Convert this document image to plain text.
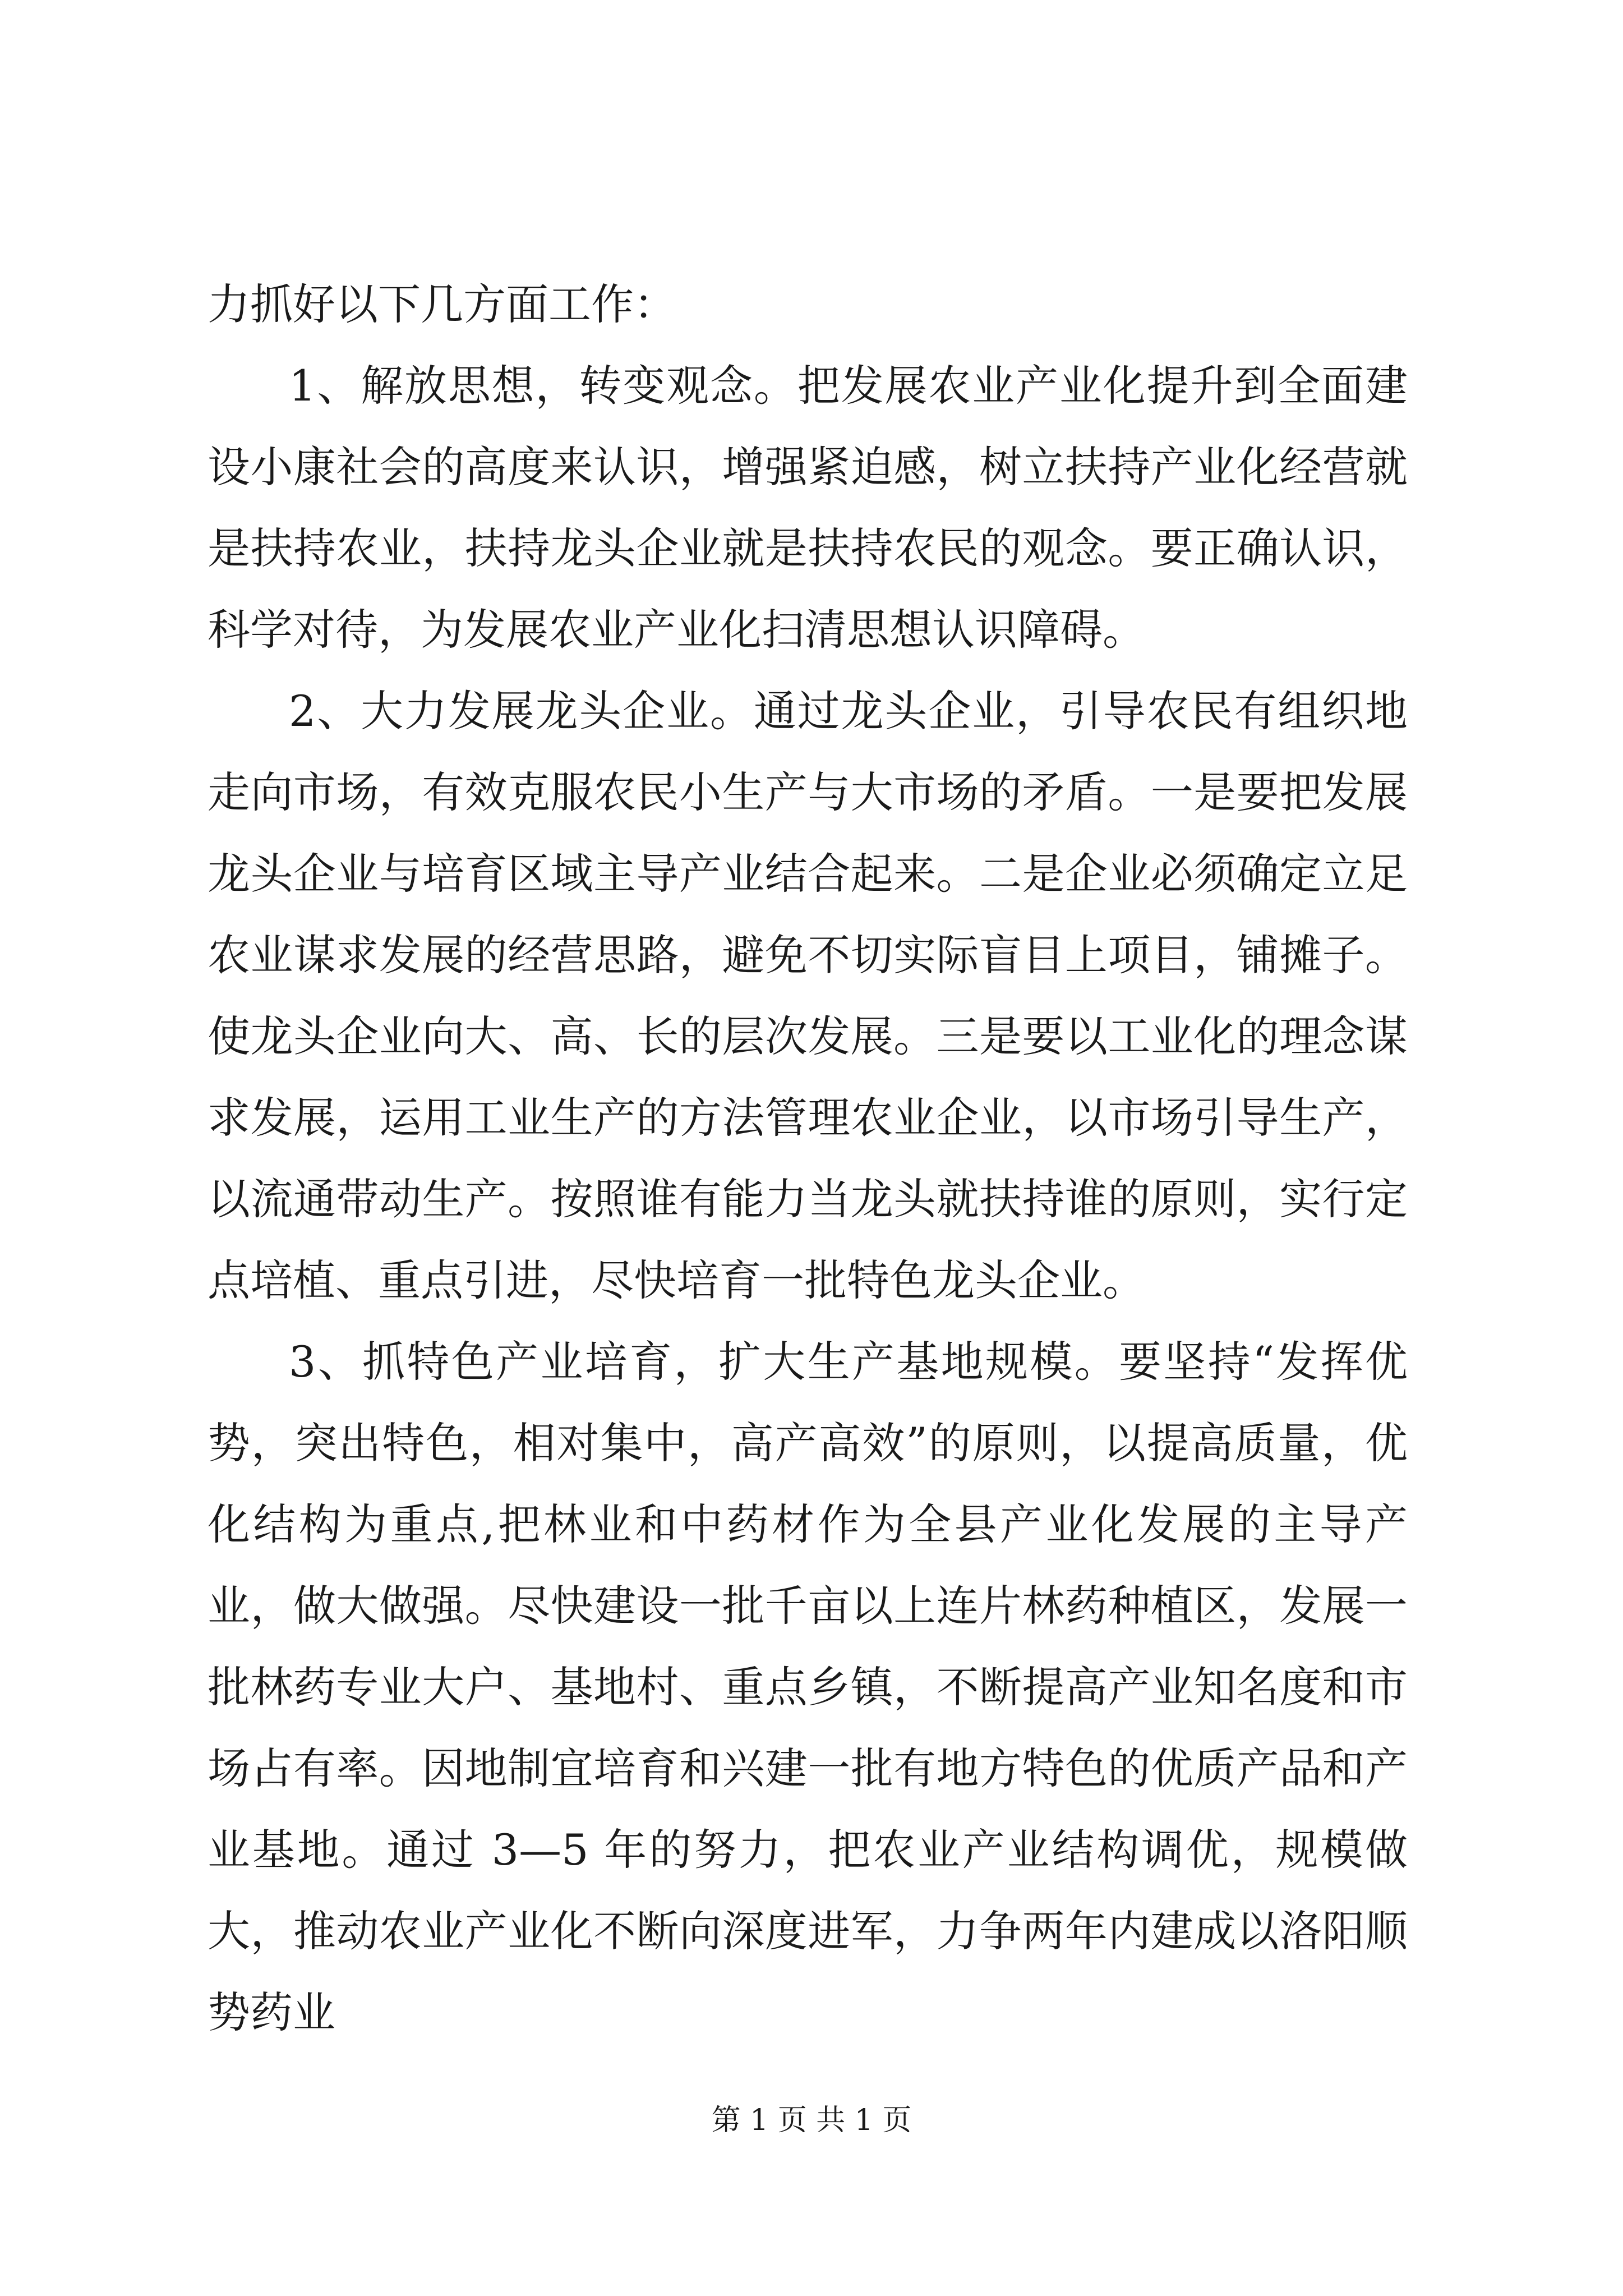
力抓好以下几方面工作：

1、解放思想，转变观念。把发展农业产业化提升到全面建设小康社会的高度来认识，增强紧迫感，树立扶持产业化经营就是扶持农业，扶持龙头企业就是扶持农民的观念。要正确认识，科学对待，为发展农业产业化扫清思想认识障碍。

2、大力发展龙头企业。通过龙头企业，引导农民有组织地走向市场，有效克服农民小生产与大市场的矛盾。一是要把发展龙头企业与培育区域主导产业结合起来。二是企业必须确定立足农业谋求发展的经营思路，避免不切实际盲目上项目，铺摊子。使龙头企业向大、高、长的层次发展。三是要以工业化的理念谋求发展，运用工业生产的方法管理农业企业，以市场引导生产，以流通带动生产。按照谁有能力当龙头就扶持谁的原则，实行定点培植、重点引进，尽快培育一批特色龙头企业。

3、抓特色产业培育，扩大生产基地规模。要坚持“发挥优势，突出特色，相对集中，高产高效”的原则，以提高质量，优化结构为重点,把林业和中药材作为全县产业化发展的主导产业，做大做强。尽快建设一批千亩以上连片林药种植区，发展一批林药专业大户、基地村、重点乡镇，不断提高产业知名度和市场占有率。因地制宜培育和兴建一批有地方特色的优质产品和产业基地。通过 3—5 年的努力，把农业产业结构调优，规模做大，推动农业产业化不断向深度进军，力争两年内建成以洛阳顺势药业

第 1 页 共 1 页
